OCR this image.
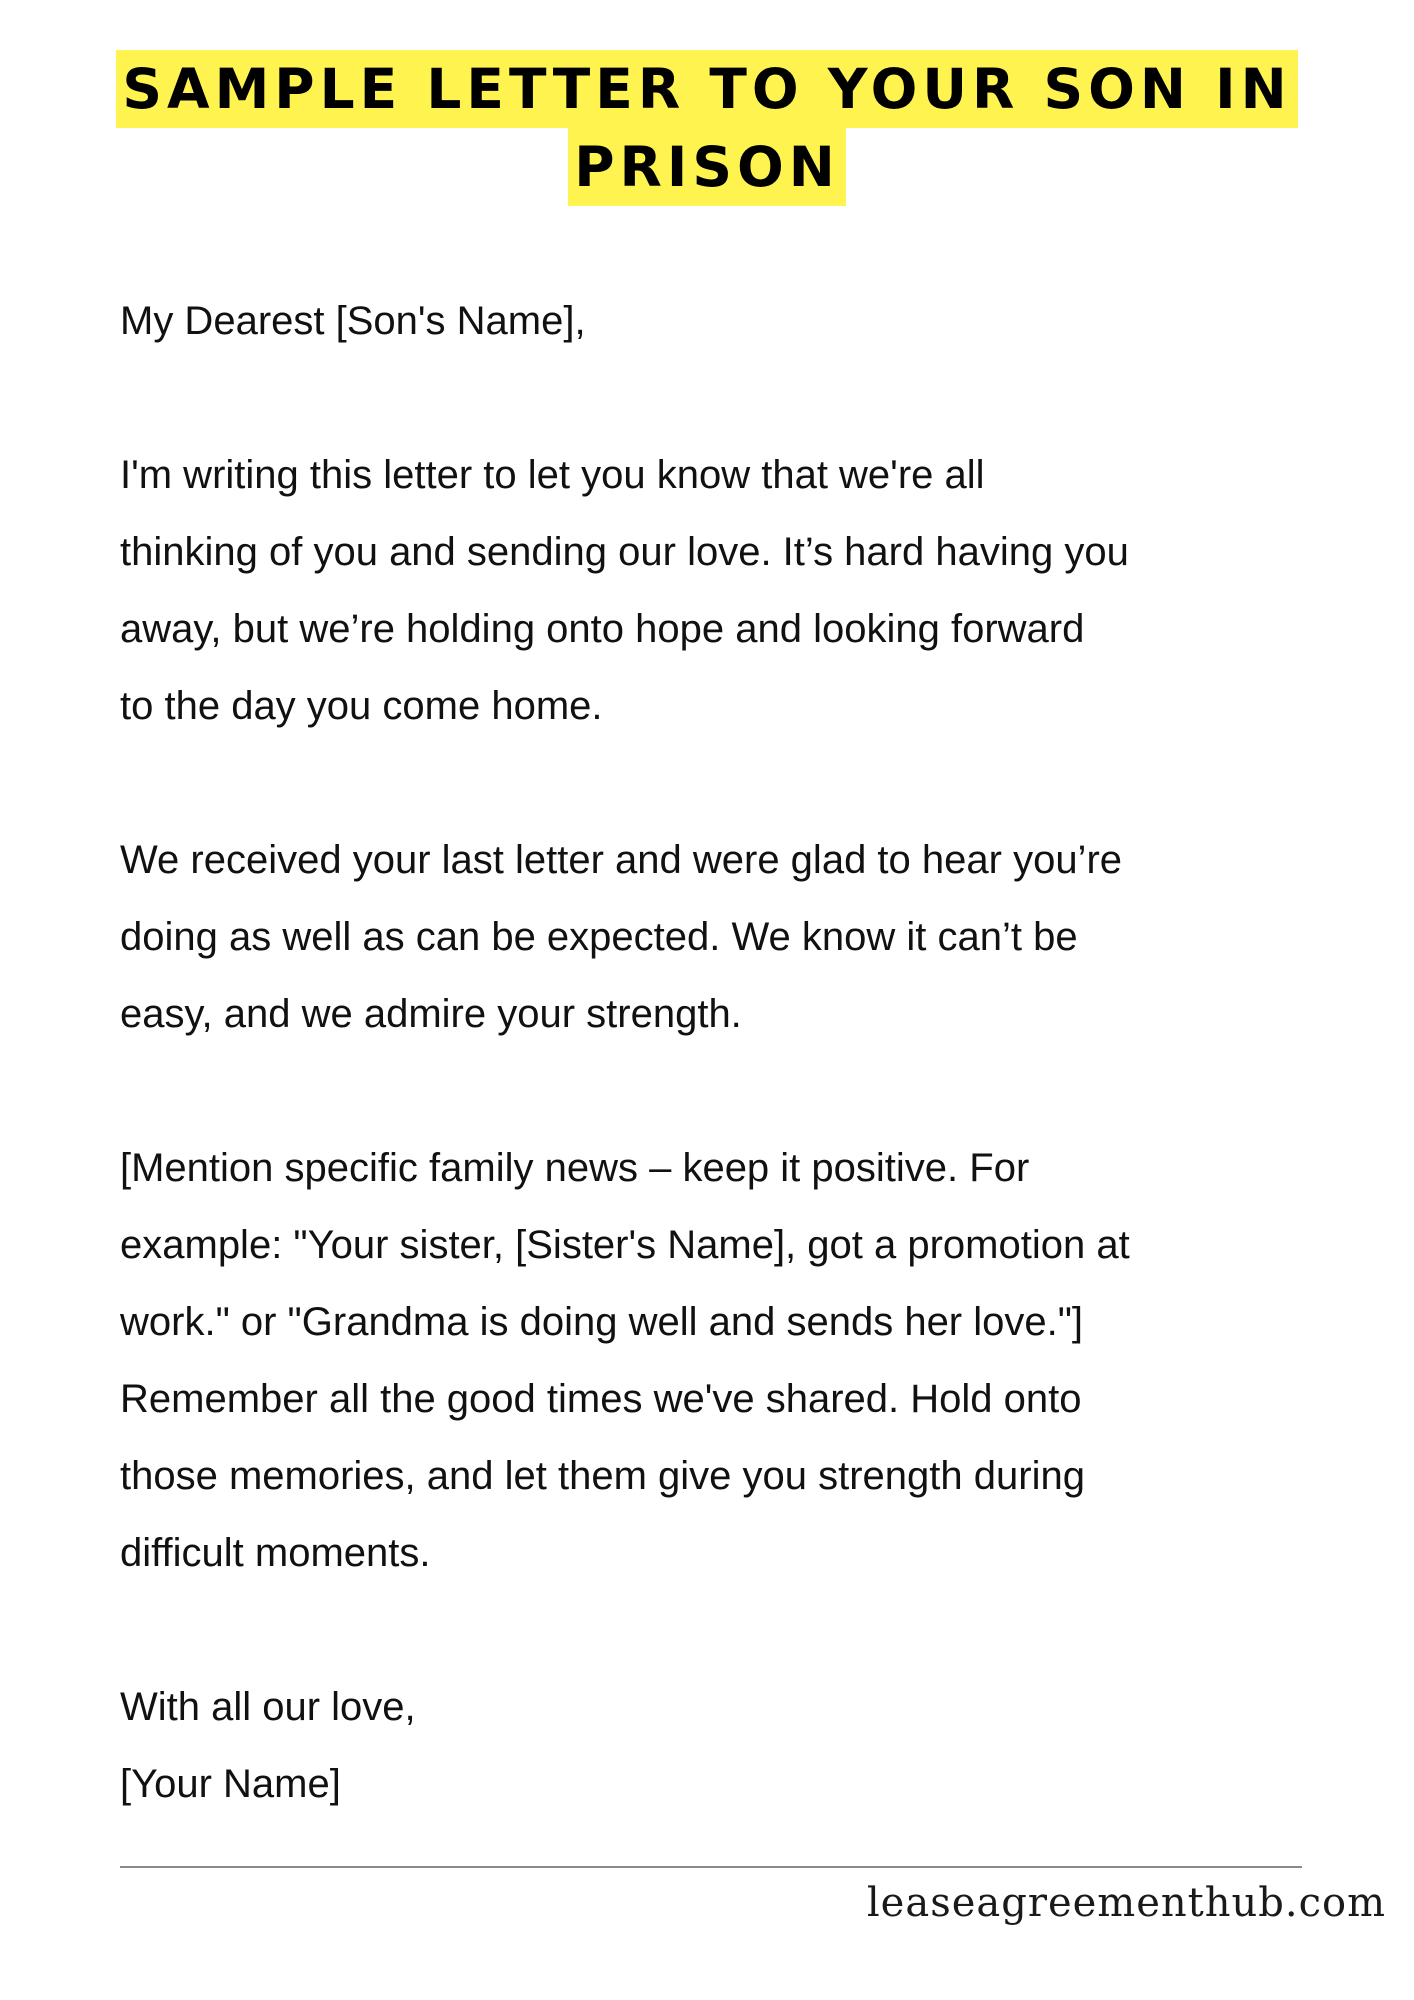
SAMPLE LETTER TO YOUR SON IN
PRISON
My Dearest [Son's Name],
I'm writing this letter to let you know that we're all
thinking of you and sending our love. It’s hard having you
away, but we’re holding onto hope and looking forward
to the day you come home.
We received your last letter and were glad to hear you’re
doing as well as can be expected. We know it can’t be
easy, and we admire your strength.
[Mention specific family news – keep it positive. For
example: "Your sister, [Sister's Name], got a promotion at
work." or "Grandma is doing well and sends her love."]
Remember all the good times we've shared. Hold onto
those memories, and let them give you strength during
difficult moments.
With all our love,
[Your Name]
leaseagreementhub.com
